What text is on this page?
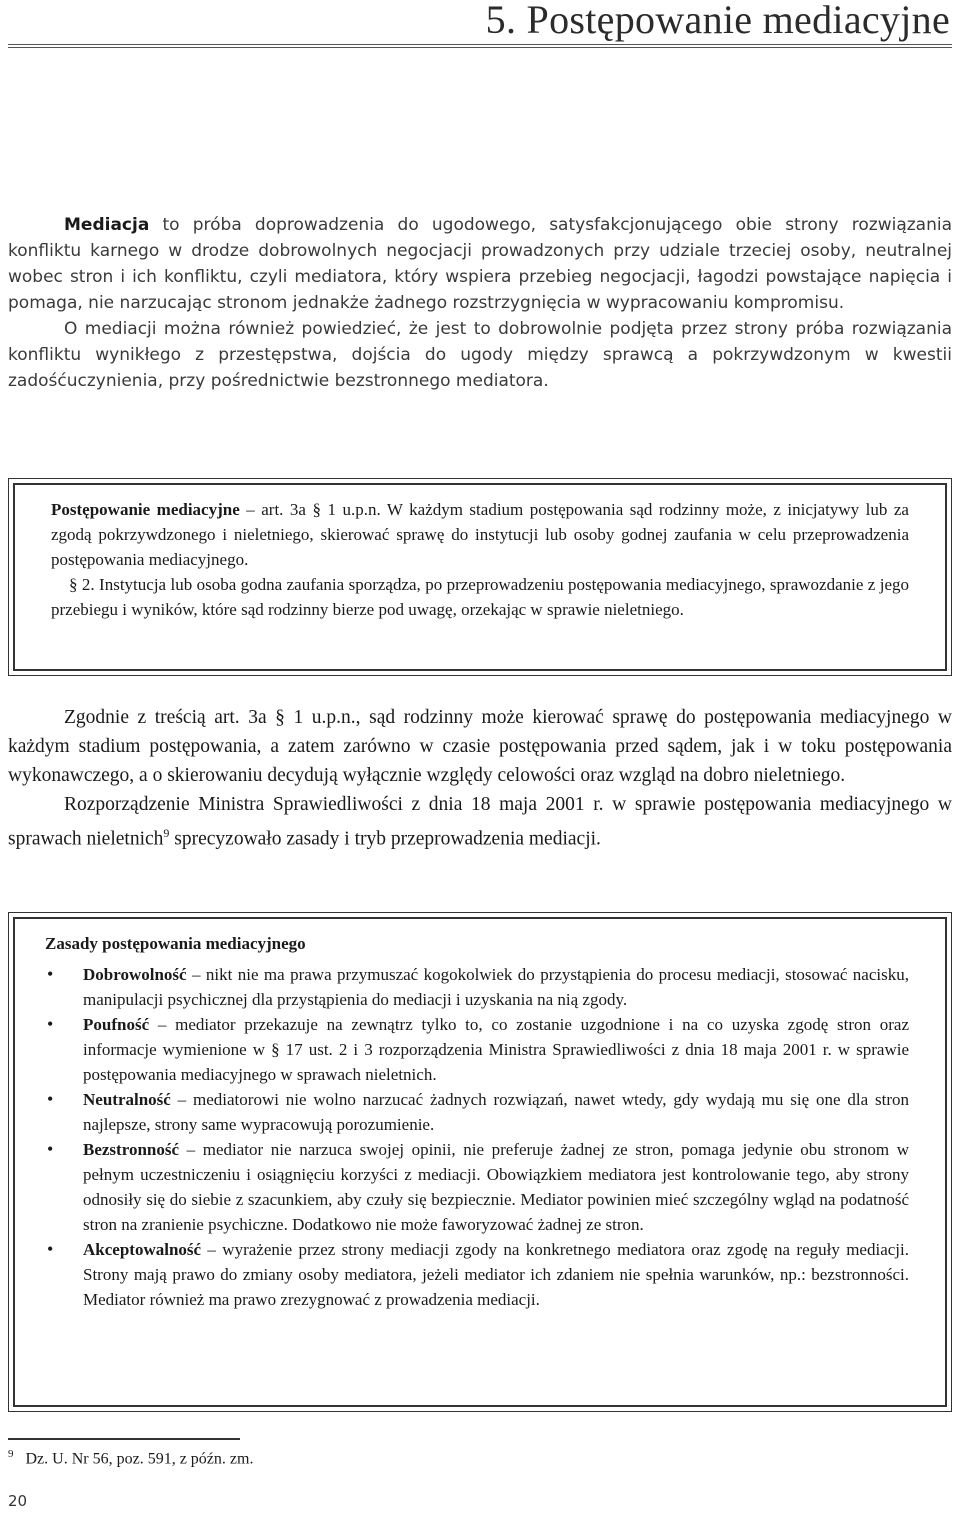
5. Postępowanie mediacyjne

Mediacja to próba doprowadzenia do ugodowego, satysfakcjonującego obie strony rozwiązania konfliktu karnego w drodze dobrowolnych negocjacji prowadzonych przy udziale trzeciej osoby, neutralnej wobec stron i ich konfliktu, czyli mediatora, który wspiera przebieg negocjacji, łagodzi powstające napięcia i pomaga, nie narzucając stronom jednakże żadnego rozstrzygnięcia w wypracowaniu kompromisu.

O mediacji można również powiedzieć, że jest to dobrowolnie podjęta przez strony próba rozwiązania konfliktu wynikłego z przestępstwa, dojścia do ugody między sprawcą a pokrzywdzonym w kwestii zadośćuczynienia, przy pośrednictwie bezstronnego mediatora.

Postępowanie mediacyjne – art. 3a § 1 u.p.n. W każdym stadium postępowania sąd rodzinny może, z inicjatywy lub za zgodą pokrzywdzonego i nieletniego, skierować sprawę do instytucji lub osoby godnej zaufania w celu przeprowadzenia postępowania mediacyjnego.

§ 2. Instytucja lub osoba godna zaufania sporządza, po przeprowadzeniu postępowania mediacyjnego, sprawozdanie z jego przebiegu i wyników, które sąd rodzinny bierze pod uwagę, orzekając w sprawie nieletniego.

Zgodnie z treścią art. 3a § 1 u.p.n., sąd rodzinny może kierować sprawę do postępowania mediacyjnego w każdym stadium postępowania, a zatem zarówno w czasie postępowania przed sądem, jak i w toku postępowania wykonawczego, a o skierowaniu decydują wyłącznie względy celowości oraz wzgląd na dobro nieletniego.

Rozporządzenie Ministra Sprawiedliwości z dnia 18 maja 2001 r. w sprawie postępowania mediacyjnego w sprawach nieletnich$^9$ sprecyzowało zasady i tryb przeprowadzenia mediacji.

Zasady postępowania mediacyjnego

• Dobrowolność – nikt nie ma prawa przymuszać kogokolwiek do przystąpienia do procesu mediacji, stosować nacisku, manipulacji psychicznej dla przystąpienia do mediacji i uzyskania na nią zgody.
• Poufność – mediator przekazuje na zewnątrz tylko to, co zostanie uzgodnione i na co uzyska zgodę stron oraz informacje wymienione w § 17 ust. 2 i 3 rozporządzenia Ministra Sprawiedliwości z dnia 18 maja 2001 r. w sprawie postępowania mediacyjnego w sprawach nieletnich.
• Neutralność – mediatorowi nie wolno narzucać żadnych rozwiązań, nawet wtedy, gdy wydają mu się one dla stron najlepsze, strony same wypracowują porozumienie.
• Bezstronność – mediator nie narzuca swojej opinii, nie preferuje żadnej ze stron, pomaga jedynie obu stronom w pełnym uczestniczeniu i osiągnięciu korzyści z mediacji. Obowiązkiem mediatora jest kontrolowanie tego, aby strony odnosiły się do siebie z szacunkiem, aby czuły się bezpiecznie. Mediator powinien mieć szczególny wgląd na podatność stron na zranienie psychiczne. Dodatkowo nie może faworyzować żadnej ze stron.
• Akceptowalność – wyrażenie przez strony mediacji zgody na konkretnego mediatora oraz zgodę na reguły mediacji. Strony mają prawo do zmiany osoby mediatora, jeżeli mediator ich zdaniem nie spełnia warunków, np.: bezstronności. Mediator również ma prawo zrezygnować z prowadzenia mediacji.
$^9$ Dz. U. Nr 56, poz. 591, z późn. zm.
20
